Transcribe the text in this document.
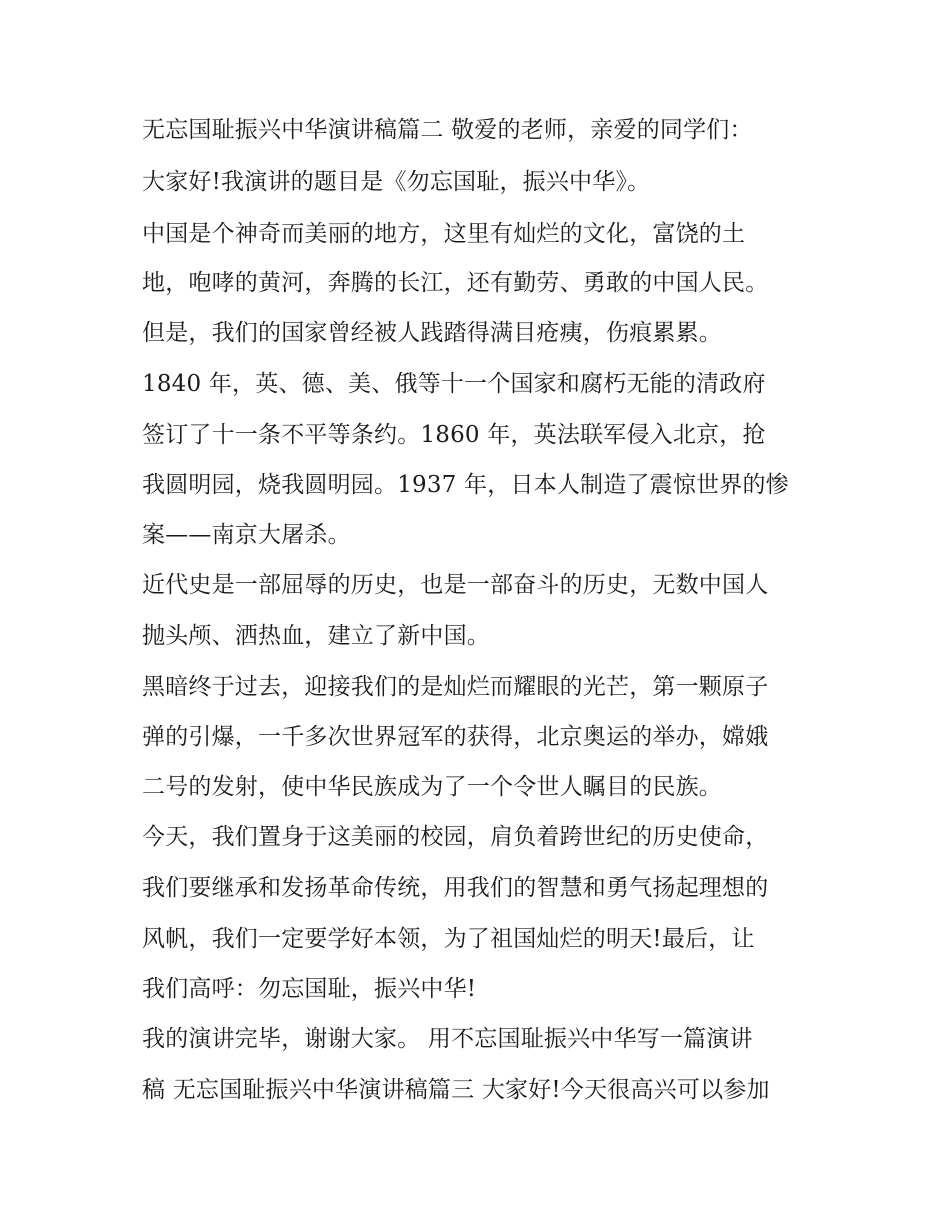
无忘国耻振兴中华演讲稿篇二 敬爱的老师，亲爱的同学们：
大家好!我演讲的题目是《勿忘国耻，振兴中华》。
中国是个神奇而美丽的地方，这里有灿烂的文化，富饶的土
地，咆哮的黄河，奔腾的长江，还有勤劳、勇敢的中国人民。
但是，我们的国家曾经被人践踏得满目疮痍，伤痕累累。
1840 年，英、德、美、俄等十一个国家和腐朽无能的清政府
签订了十一条不平等条约。1860 年，英法联军侵入北京，抢
我圆明园，烧我圆明园。1937 年，日本人制造了震惊世界的惨
案——南京大屠杀。
近代史是一部屈辱的历史，也是一部奋斗的历史，无数中国人
抛头颅、洒热血，建立了新中国。
黑暗终于过去，迎接我们的是灿烂而耀眼的光芒，第一颗原子
弹的引爆，一千多次世界冠军的获得，北京奥运的举办，嫦娥
二号的发射，使中华民族成为了一个令世人瞩目的民族。
今天，我们置身于这美丽的校园，肩负着跨世纪的历史使命，
我们要继承和发扬革命传统，用我们的智慧和勇气扬起理想的
风帆，我们一定要学好本领，为了祖国灿烂的明天!最后，让
我们高呼：勿忘国耻，振兴中华!
我的演讲完毕，谢谢大家。 用不忘国耻振兴中华写一篇演讲
稿 无忘国耻振兴中华演讲稿篇三 大家好!今天很高兴可以参加
